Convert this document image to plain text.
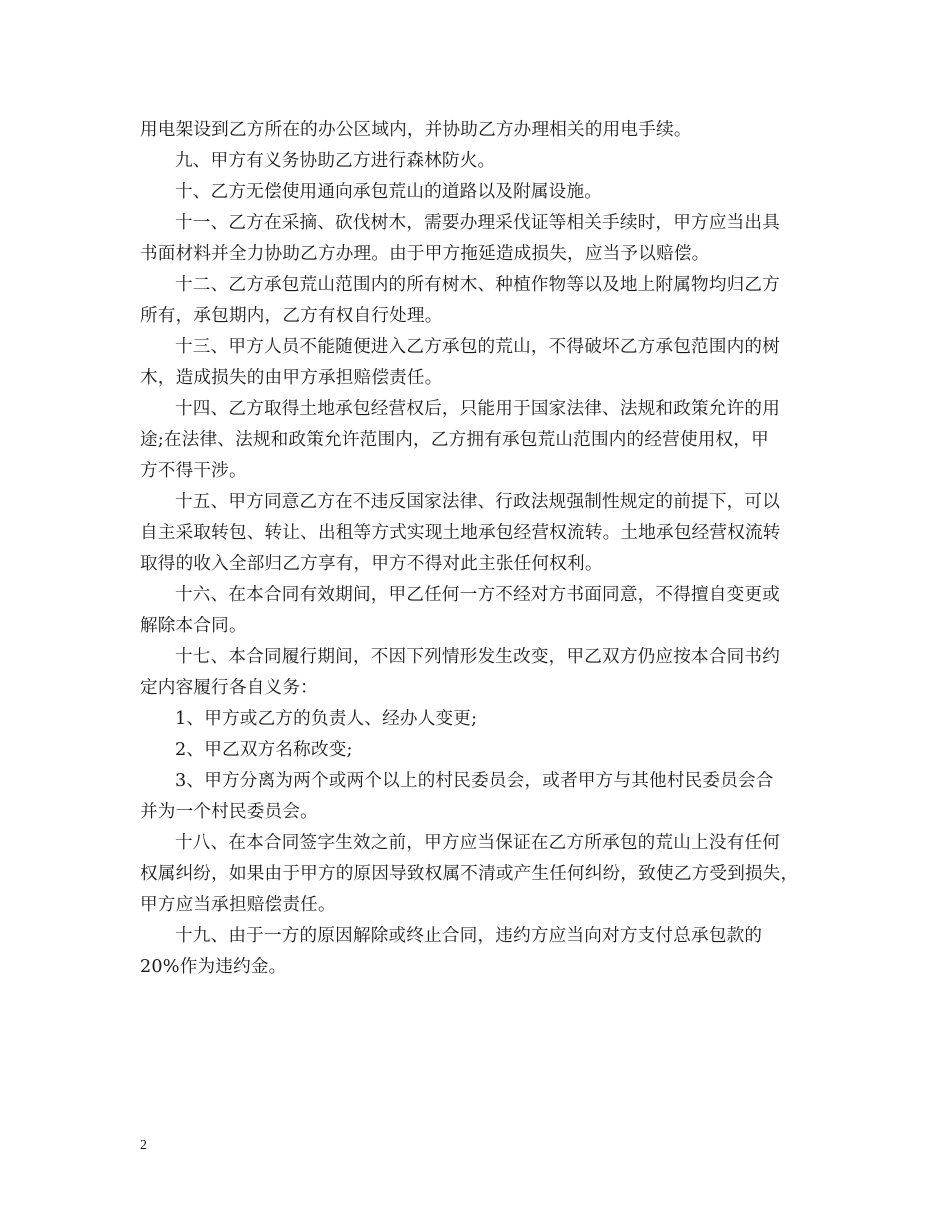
用电架设到乙方所在的办公区域内，并协助乙方办理相关的用电手续。
九、甲方有义务协助乙方进行森林防火。
十、乙方无偿使用通向承包荒山的道路以及附属设施。
十一、乙方在采摘、砍伐树木，需要办理采伐证等相关手续时，甲方应当出具
书面材料并全力协助乙方办理。由于甲方拖延造成损失，应当予以赔偿。
十二、乙方承包荒山范围内的所有树木、种植作物等以及地上附属物均归乙方
所有，承包期内，乙方有权自行处理。
十三、甲方人员不能随便进入乙方承包的荒山，不得破坏乙方承包范围内的树
木，造成损失的由甲方承担赔偿责任。
十四、乙方取得土地承包经营权后，只能用于国家法律、法规和政策允许的用
途;在法律、法规和政策允许范围内，乙方拥有承包荒山范围内的经营使用权，甲
方不得干涉。
十五、甲方同意乙方在不违反国家法律、行政法规强制性规定的前提下，可以
自主采取转包、转让、出租等方式实现土地承包经营权流转。土地承包经营权流转
取得的收入全部归乙方享有，甲方不得对此主张任何权利。
十六、在本合同有效期间，甲乙任何一方不经对方书面同意，不得擅自变更或
解除本合同。
十七、本合同履行期间，不因下列情形发生改变，甲乙双方仍应按本合同书约
定内容履行各自义务：
1、甲方或乙方的负责人、经办人变更;
2、甲乙双方名称改变;
3、甲方分离为两个或两个以上的村民委员会，或者甲方与其他村民委员会合
并为一个村民委员会。
十八、在本合同签字生效之前，甲方应当保证在乙方所承包的荒山上没有任何
权属纠纷，如果由于甲方的原因导致权属不清或产生任何纠纷，致使乙方受到损失，
甲方应当承担赔偿责任。
十九、由于一方的原因解除或终止合同，违约方应当向对方支付总承包款的
20%作为违约金。
2
